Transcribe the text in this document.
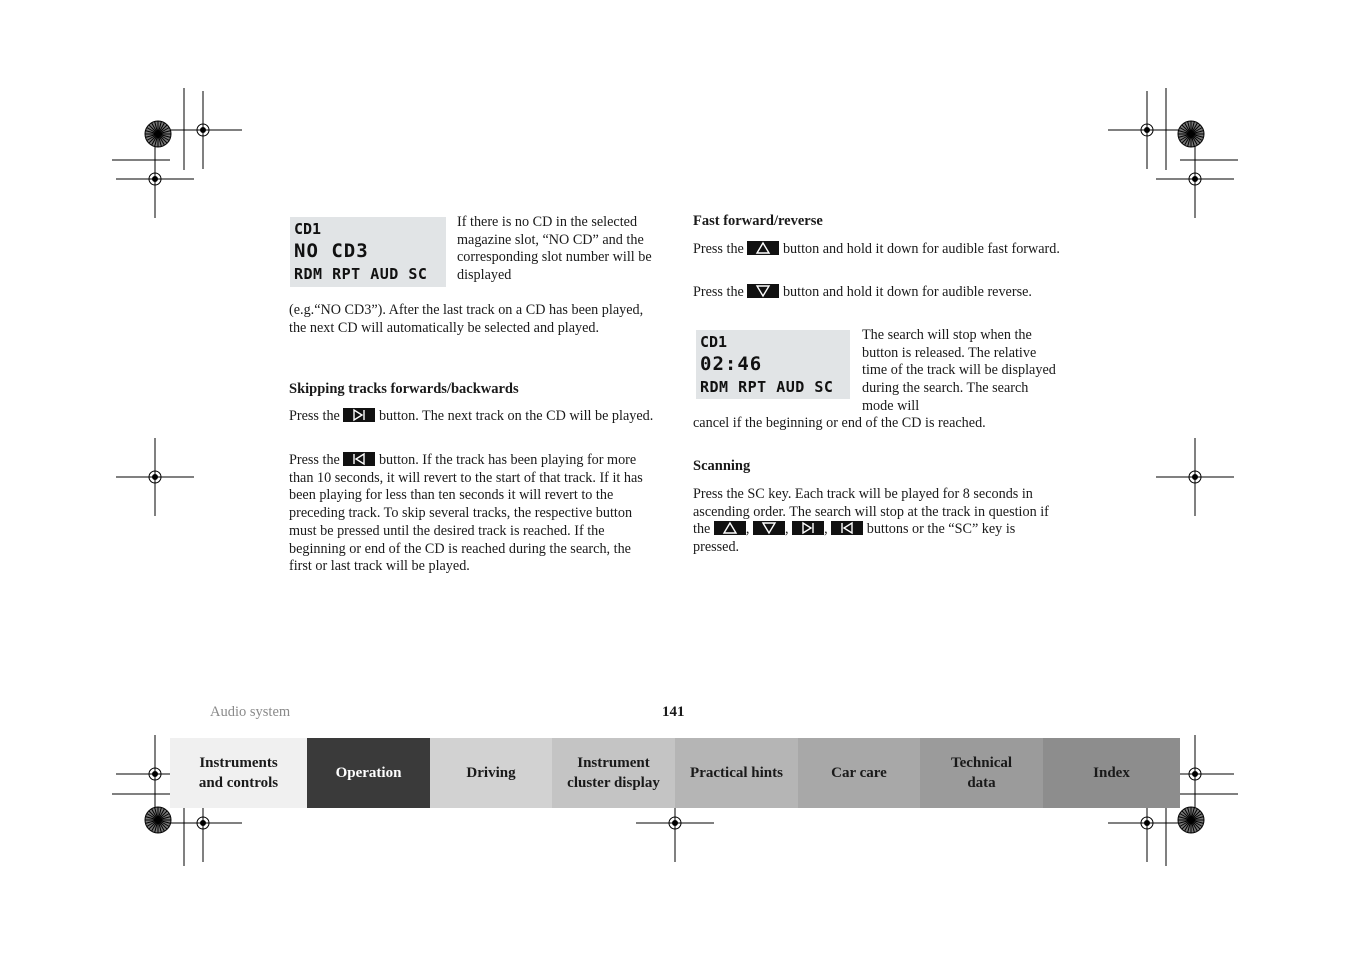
CD1
NO CD3
RDM RPT AUD SC

If there is no CD in the selected magazine slot, “NO CD” and the corresponding slot number will be displayed

(e.g.“NO CD3”). After the last track on a CD has been played, the next CD will automatically be selected and played.

Skipping tracks forwards/backwards

Press the	button. The next track on the CD will be played.

Press the	button. If the track has been playing for more than 10 seconds, it will revert to the start of that track. If it has been playing for less than ten seconds it will revert to the preceding track. To skip several tracks, the respective button must be pressed until the desired track is reached. If the beginning or end of the CD is reached during the search, the first or last track will be played.

Fast forward/reverse

Press the	button and hold it down for audible fast forward.

Press the	button and hold it down for audible reverse.

CD1
02:46
RDM RPT AUD SC

The search will stop when the button is released. The relative time of the track will be displayed during the search. The search mode will

cancel if the beginning or end of the CD is reached.

Scanning

Press the SC key. Each track will be played for 8 seconds in ascending order. The search will stop at the track in question if the	,	,	,	buttons or the “SC” key is pressed.

Audio system	141
Instruments
and controls
Operation	Driving
Instrument
cluster display
Practical hints	Car care
Technical
data
Index
